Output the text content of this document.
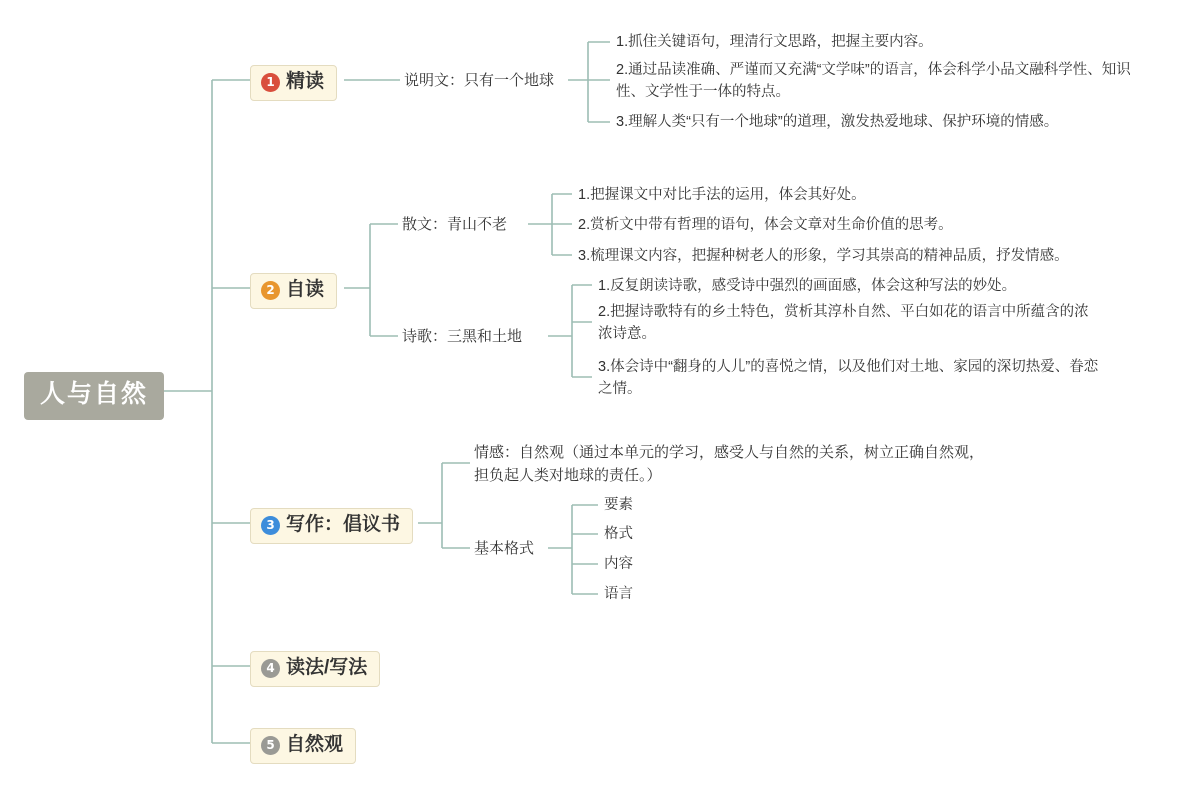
人与自然
1 精读
2 自读
3 写作：倡议书
4 读法/写法
5 自然观
说明文：只有一个地球
散文：青山不老
诗歌：三黑和土地
情感：自然观（通过本单元的学习，感受人与自然的关系，树立正确自然观，担负起人类对地球的责任。）
基本格式
1.抓住关键语句，理清行文思路，把握主要内容。
2.通过品读准确、严谨而又充满“文学味”的语言，体会科学小品文融科学性、知识性、文学性于一体的特点。
3.理解人类“只有一个地球”的道理，激发热爱地球、保护环境的情感。
1.把握课文中对比手法的运用，体会其好处。
2.赏析文中带有哲理的语句，体会文章对生命价值的思考。
3.梳理课文内容，把握种树老人的形象，学习其崇高的精神品质，抒发情感。
1.反复朗读诗歌，感受诗中强烈的画面感，体会这种写法的妙处。
2.把握诗歌特有的乡土特色，赏析其淳朴自然、平白如花的语言中所蕴含的浓浓诗意。
3.体会诗中“翻身的人儿”的喜悦之情，以及他们对土地、家园的深切热爱、眷恋之情。
要素
格式
内容
语言
